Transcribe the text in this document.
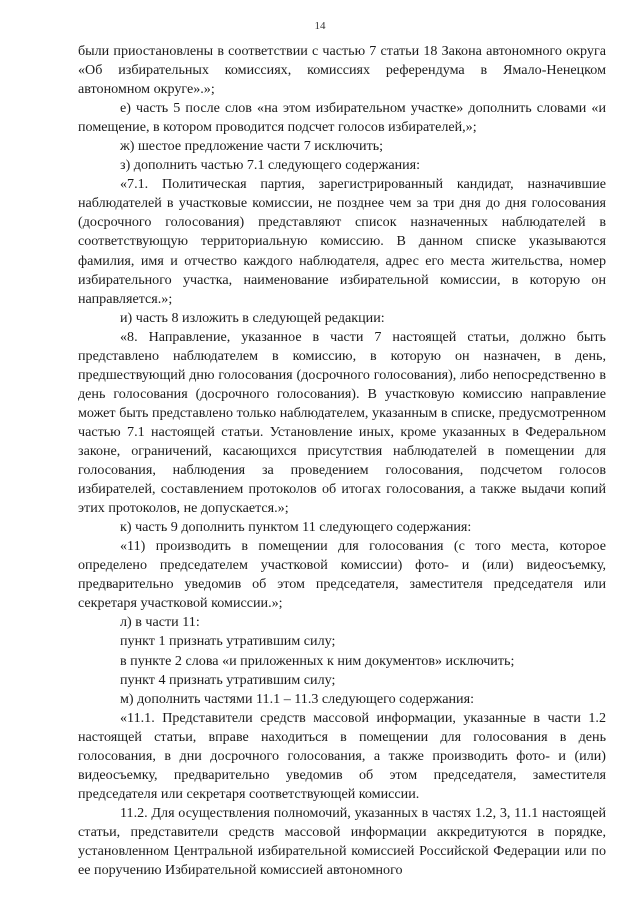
14

были приостановлены в соответствии с частью 7 статьи 18 Закона автономного округа «Об избирательных комиссиях, комиссиях референдума в Ямало-Ненецком автономном округе».»;

е) часть 5 после слов «на этом избирательном участке» дополнить словами «и помещение, в котором проводится подсчет голосов избирателей,»;

ж) шестое предложение части 7 исключить;

з) дополнить частью 7.1 следующего содержания:

«7.1. Политическая партия, зарегистрированный кандидат, назначившие наблюдателей в участковые комиссии, не позднее чем за три дня до дня голосования (досрочного голосования) представляют список назначенных наблюдателей в соответствующую территориальную комиссию. В данном списке указываются фамилия, имя и отчество каждого наблюдателя, адрес его места жительства, номер избирательного участка, наименование избирательной комиссии, в которую он направляется.»;

и) часть 8 изложить в следующей редакции:

«8. Направление, указанное в части 7 настоящей статьи, должно быть представлено наблюдателем в комиссию, в которую он назначен, в день, предшествующий дню голосования (досрочного голосования), либо непосредственно в день голосования (досрочного голосования). В участковую комиссию направление может быть представлено только наблюдателем, указанным в списке, предусмотренном частью 7.1 настоящей статьи. Установление иных, кроме указанных в Федеральном законе, ограничений, касающихся присутствия наблюдателей в помещении для голосования, наблюдения за проведением голосования, подсчетом голосов избирателей, составлением протоколов об итогах голосования, а также выдачи копий этих протоколов, не допускается.»;

к) часть 9 дополнить пунктом 11 следующего содержания:

«11) производить в помещении для голосования (с того места, которое определено председателем участковой комиссии) фото- и (или) видеосъемку, предварительно уведомив об этом председателя, заместителя председателя или секретаря участковой комиссии.»;

л) в части 11:

пункт 1 признать утратившим силу;

в пункте 2 слова «и приложенных к ним документов» исключить;

пункт 4 признать утратившим силу;

м) дополнить частями 11.1 – 11.3 следующего содержания:

«11.1. Представители средств массовой информации, указанные в части 1.2 настоящей статьи, вправе находиться в помещении для голосования в день голосования, в дни досрочного голосования, а также производить фото- и (или) видеосъемку, предварительно уведомив об этом председателя, заместителя председателя или секретаря соответствующей комиссии.

11.2. Для осуществления полномочий, указанных в частях 1.2, 3, 11.1 настоящей статьи, представители средств массовой информации аккредитуются в порядке, установленном Центральной избирательной комиссией Российской Федерации или по ее поручению Избирательной комиссией автономного
